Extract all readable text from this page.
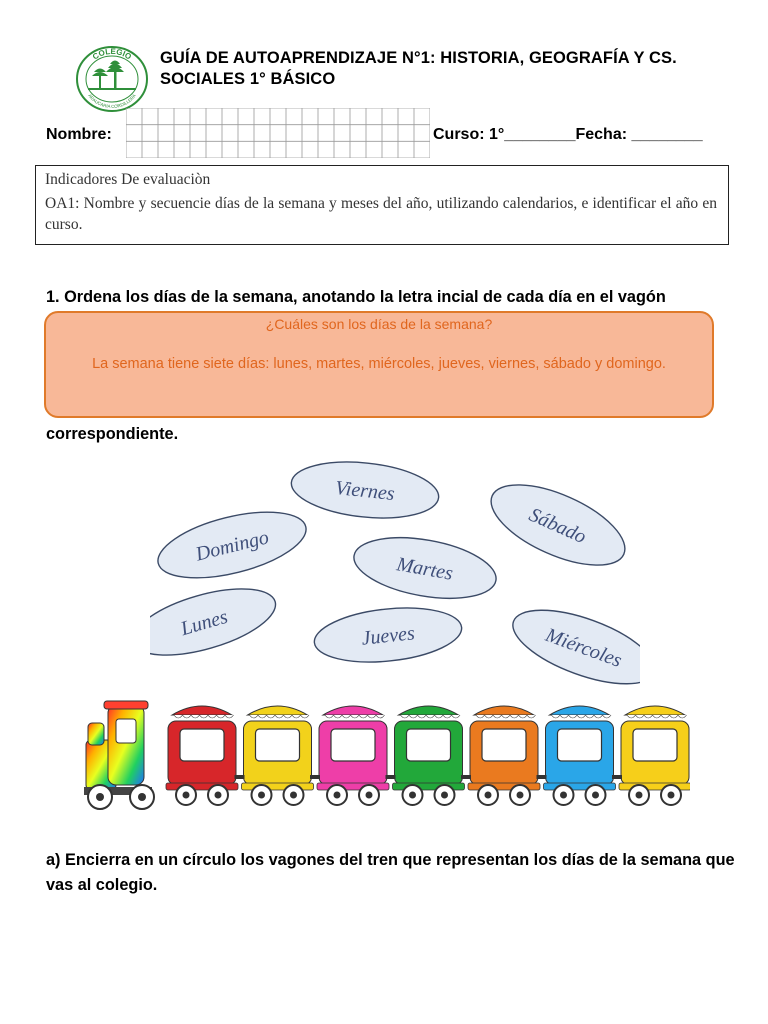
COLEGIO
ARAUCARIA CORDILLERA
GUÍA DE AUTOAPRENDIZAJE N°1: HISTORIA, GEOGRAFÍA Y CS. SOCIALES 1° BÁSICO
Nombre:	Curso: 1°________Fecha: ________
Indicadores De evaluaciòn
OA1: Nombre y secuencie días de la semana y meses del año, utilizando calendarios, e identificar el año en curso.
1. Ordena los días de la semana, anotando la letra incial de cada día en el vagón
¿Cuáles son los días de la semana?
La semana tiene siete días: lunes, martes, miércoles, jueves, viernes, sábado y domingo.
correspondiente.
Viernes
Sábado
Domingo
Martes
Lunes	Jueves	Miércoles
a) Encierra en un círculo los vagones del tren que representan los días de la semana que vas al colegio.
